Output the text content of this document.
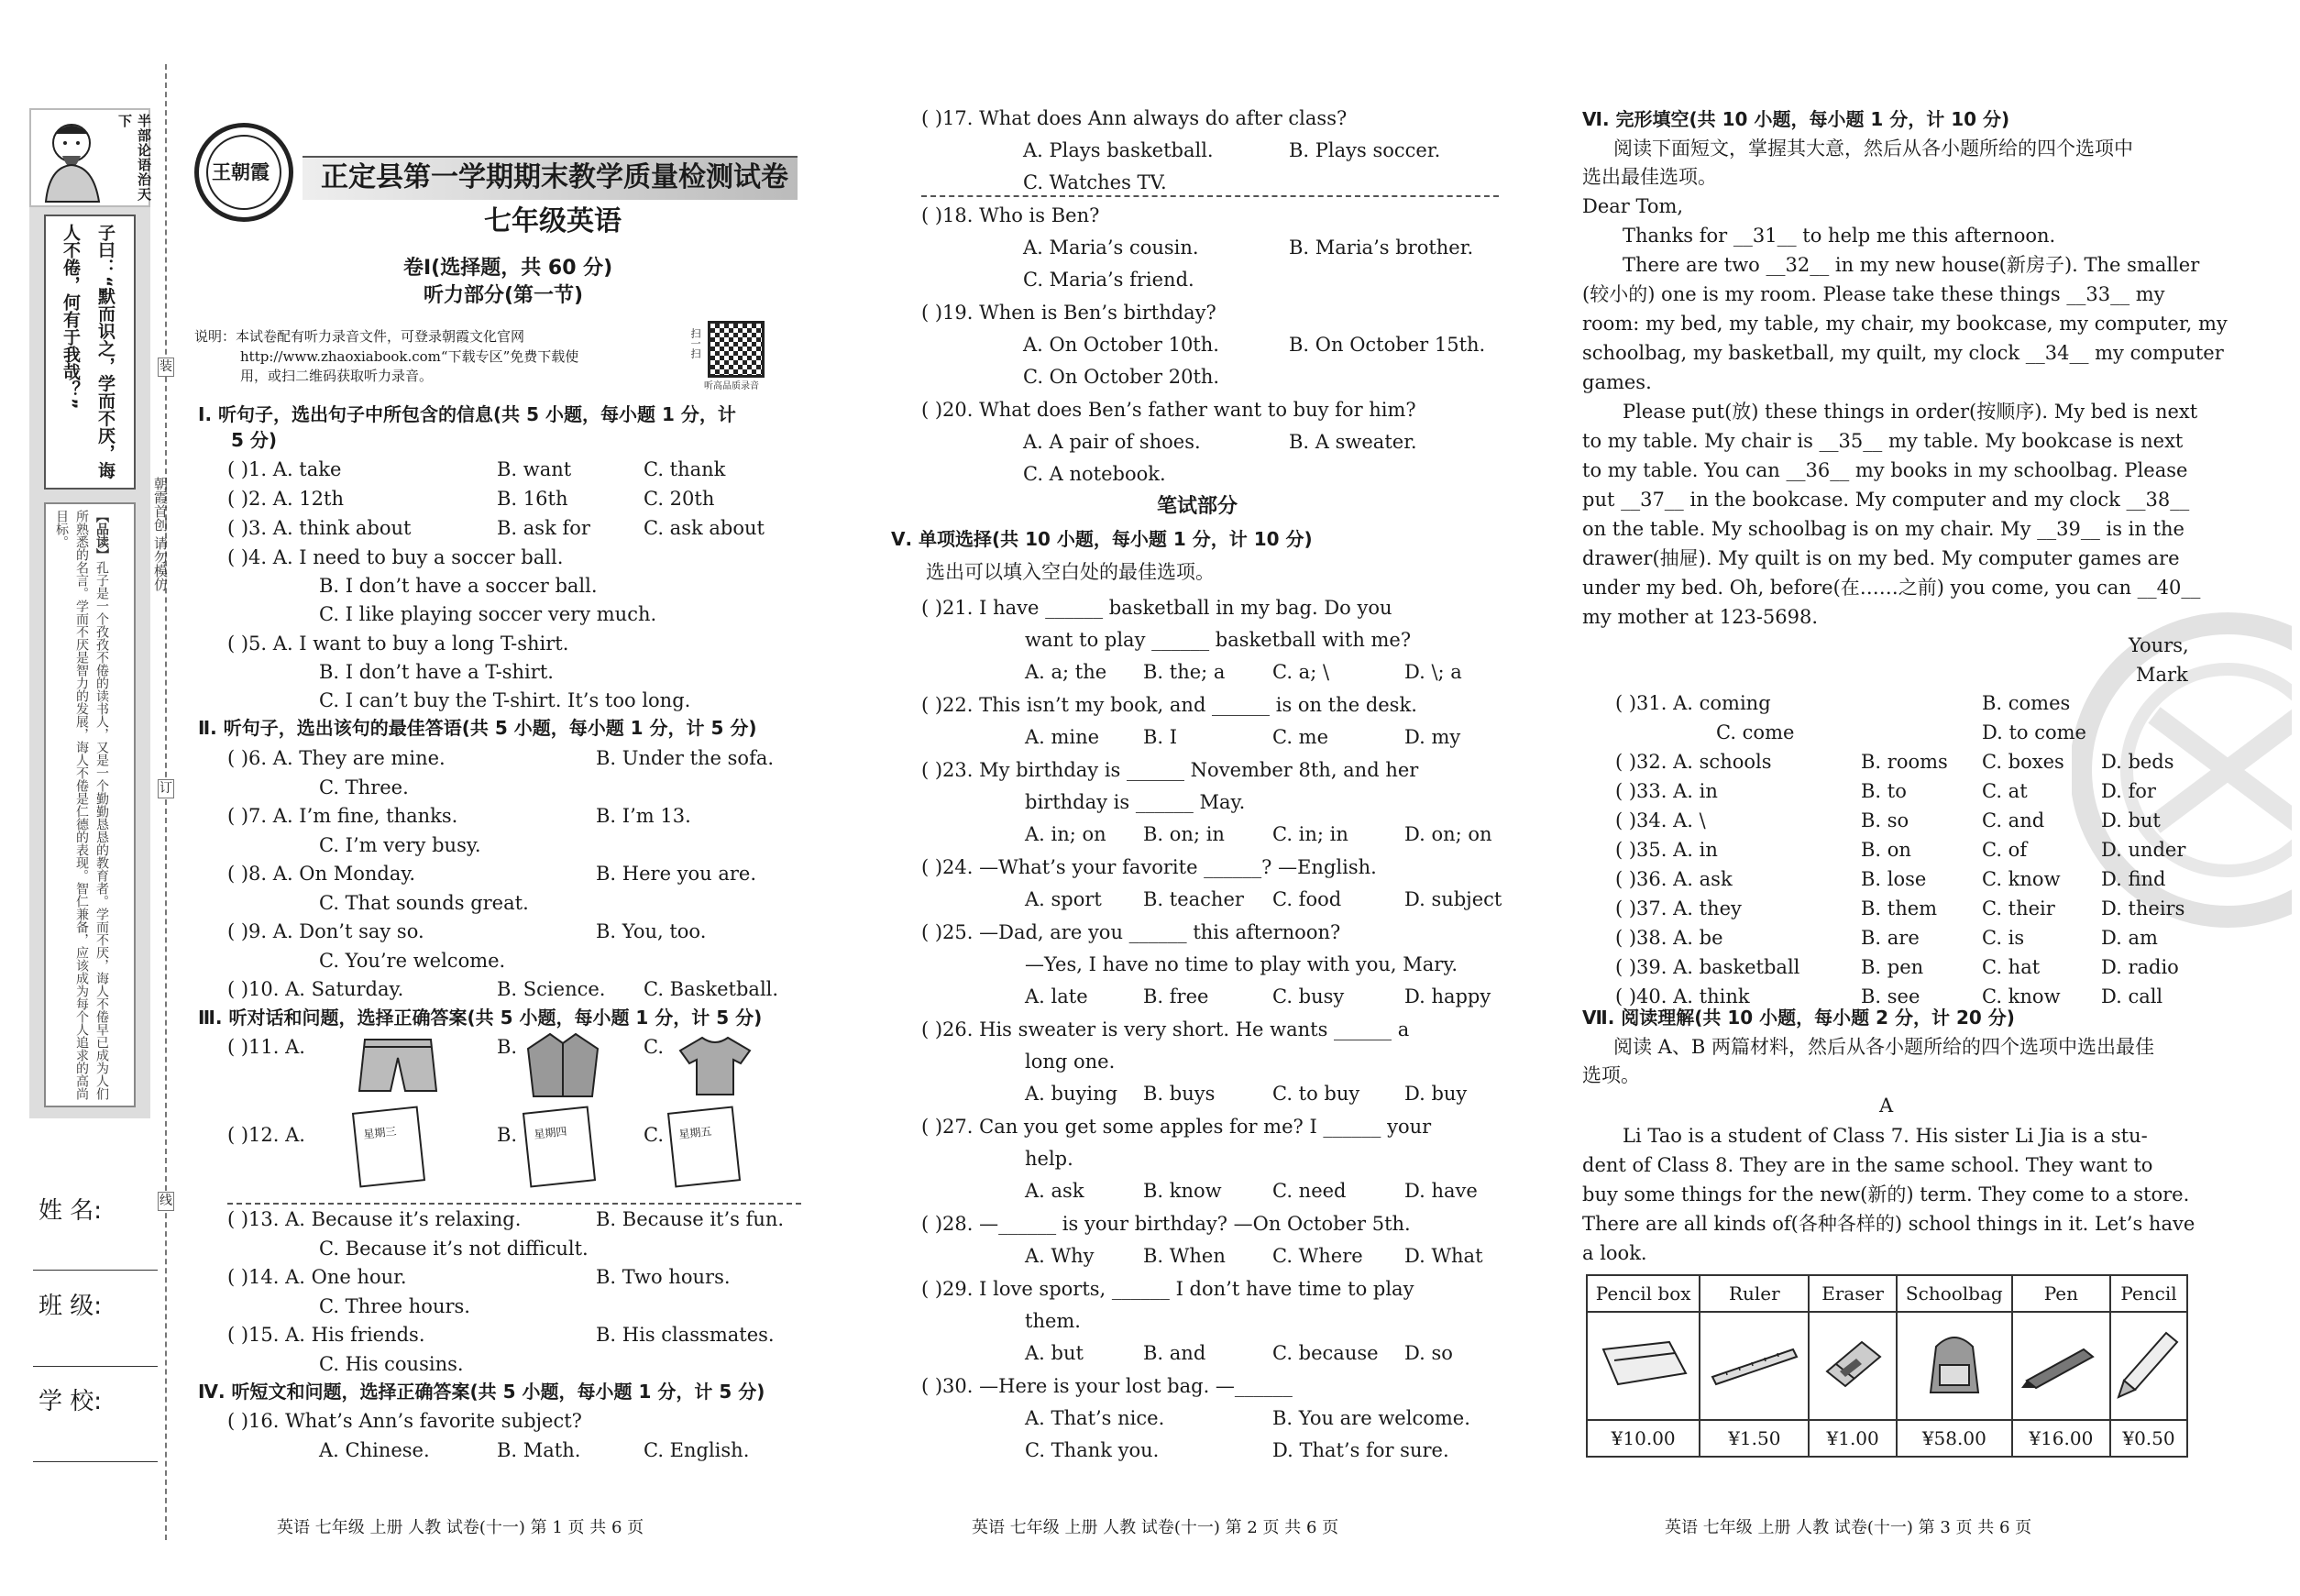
半部论语治天下
子曰：“默而识之，学而不厌，诲人不倦，何有于我哉？”
【品读】孔子是一个孜孜不倦的读书人，又是一个勤勤恳恳的教育者。学而不厌，诲人不倦早已成为人们所熟悉的名言。学而不厌是智力的发展，诲人不倦是仁德的表现。智仁兼备，应该成为每个人追求的高尚目标。
姓 名:
班 级:
学 校:
装
订
线
朝霞首创 请勿模仿
王朝霞 正定县第一学期期末教学质量检测试卷
七年级英语
卷Ⅰ(选择题，共 60 分)
听力部分(第一节)
说明：本试卷配有听力录音文件，可登录朝霞文化官网
http://www.zhaoxiabook.com“下载专区”免费下载使
用，或扫二维码获取听力录音。
扫一扫
听高品质录音
Ⅰ. 听句子，选出句子中所包含的信息(共 5 小题，每小题 1 分，计
5 分)
( )1. A. take	B. want	C. thank
( )2. A. 12th	B. 16th	C. 20th
( )3. A. think about	B. ask for	C. ask about
( )4. A. I need to buy a soccer ball.
B. I don’t have a soccer ball.
C. I like playing soccer very much.
( )5. A. I want to buy a long T-shirt.
B. I don’t have a T-shirt.
C. I can’t buy the T-shirt. It’s too long.
Ⅱ. 听句子，选出该句的最佳答语(共 5 小题，每小题 1 分，计 5 分)
( )6. A. They are mine.	B. Under the sofa.
C. Three.
( )7. A. I’m fine, thanks.	B. I’m 13.
C. I’m very busy.
( )8. A. On Monday.	B. Here you are.
C. That sounds great.
( )9. A. Don’t say so.	B. You, too.
C. You’re welcome.
( )10. A. Saturday.	B. Science. C. Basketball.
Ⅲ. 听对话和问题，选择正确答案(共 5 小题，每小题 1 分，计 5 分)
( )11. A.	B.	C.
( )12. A.	星期三	B. 星期四	C. 星期五
( )13. A. Because it’s relaxing.	B. Because it’s fun.
C. Because it’s not difficult.
( )14. A. One hour.	B. Two hours.
C. Three hours.
( )15. A. His friends.	B. His classmates.
C. His cousins.
Ⅳ. 听短文和问题，选择正确答案(共 5 小题，每小题 1 分，计 5 分)
( )16. What’s Ann’s favorite subject?
A. Chinese.	B. Math.	C. English.
英语 七年级 上册 人教 试卷(十一) 第 1 页 共 6 页
( )17. What does Ann always do after class?
A. Plays basketball.	B. Plays soccer.
C. Watches TV.
( )18. Who is Ben?
A. Maria’s cousin.	B. Maria’s brother.
C. Maria’s friend.
( )19. When is Ben’s birthday?
A. On October 10th.	B. On October 15th.
C. On October 20th.
( )20. What does Ben’s father want to buy for him?
A. A pair of shoes.	B. A sweater.
C. A notebook.
笔试部分
Ⅴ. 单项选择(共 10 小题，每小题 1 分，计 10 分)
选出可以填入空白处的最佳选项。
( )21. I have ______ basketball in my bag. Do you
want to play ______ basketball with me?
A. a; the B. the; a C. a; \	D. \; a
( )22. This isn’t my book, and ______ is on the desk.
A. mine B. I	C. me	D. my
( )23. My birthday is ______ November 8th, and her
birthday is ______ May.
A. in; on B. on; in C. in; in	D. on; on
( )24. —What’s your favorite ______? —English.
A. sport B. teacher C. food	D. subject
( )25. —Dad, are you ______ this afternoon?
—Yes, I have no time to play with you, Mary.
A. late	B. free	C. busy	D. happy
( )26. His sweater is very short. He wants ______ a
long one.
A. buying B. buys	C. to buy D. buy
( )27. Can you get some apples for me? I ______ your
help.
A. ask	B. know	C. need	D. have
( )28. —______ is your birthday? —On October 5th.
A. Why	B. When C. Where D. What
( )29. I love sports, ______ I don’t have time to play
them.
A. but	B. and	C. because D. so
( )30. —Here is your lost bag. —______
A. That’s nice.	B. You are welcome.
C. Thank you.	D. That’s for sure.
英语 七年级 上册 人教 试卷(十一) 第 2 页 共 6 页
Ⅵ. 完形填空(共 10 小题，每小题 1 分，计 10 分)
阅读下面短文，掌握其大意，然后从各小题所给的四个选项中
选出最佳选项。
Dear Tom,
Thanks for __31__ to help me this afternoon.
There are two __32__ in my new house(新房子). The smaller
(较小的) one is my room. Please take these things __33__ my
room: my bed, my table, my chair, my bookcase, my computer, my
schoolbag, my basketball, my quilt, my clock __34__ my computer
games.
Please put(放) these things in order(按顺序). My bed is next
to my table. My chair is __35__ my table. My bookcase is next
to my table. You can __36__ my books in my schoolbag. Please
put __37__ in the bookcase. My computer and my clock __38__
on the table. My schoolbag is on my chair. My __39__ is in the
drawer(抽屉). My quilt is on my bed. My computer games are
under my bed. Oh, before(在……之前) you come, you can __40__
my mother at 123-5698.
Yours,
Mark
( )31. A. coming	B. comes
C. come	D. to come
( )32. A. schools	B. rooms C. boxes D. beds
( )33. A. in	B. to	C. at	D. for
( )34. A. \	B. so	C. and	D. but
( )35. A. in	B. on	C. of	D. under
( )36. A. ask	B. lose	C. know D. find
( )37. A. they	B. them C. their D. theirs
( )38. A. be	B. are	C. is	D. am
( )39. A. basketball	B. pen	C. hat	D. radio
( )40. A. think	B. see	C. know D. call
Ⅶ. 阅读理解(共 10 小题，每小题 2 分，计 20 分)
阅读 A、B 两篇材料，然后从各小题所给的四个选项中选出最佳
选项。
A
Li Tao is a student of Class 7. His sister Li Jia is a stu-
dent of Class 8. They are in the same school. They want to
buy some things for the new(新的) term. They come to a store.
There are all kinds of(各种各样的) school things in it. Let’s have
a look.
Pencil box	Ruler	Eraser	Schoolbag	Pen	Pencil

¥10.00	¥1.50	¥1.00	¥58.00	¥16.00	¥0.50
英语 七年级 上册 人教 试卷(十一) 第 3 页 共 6 页
